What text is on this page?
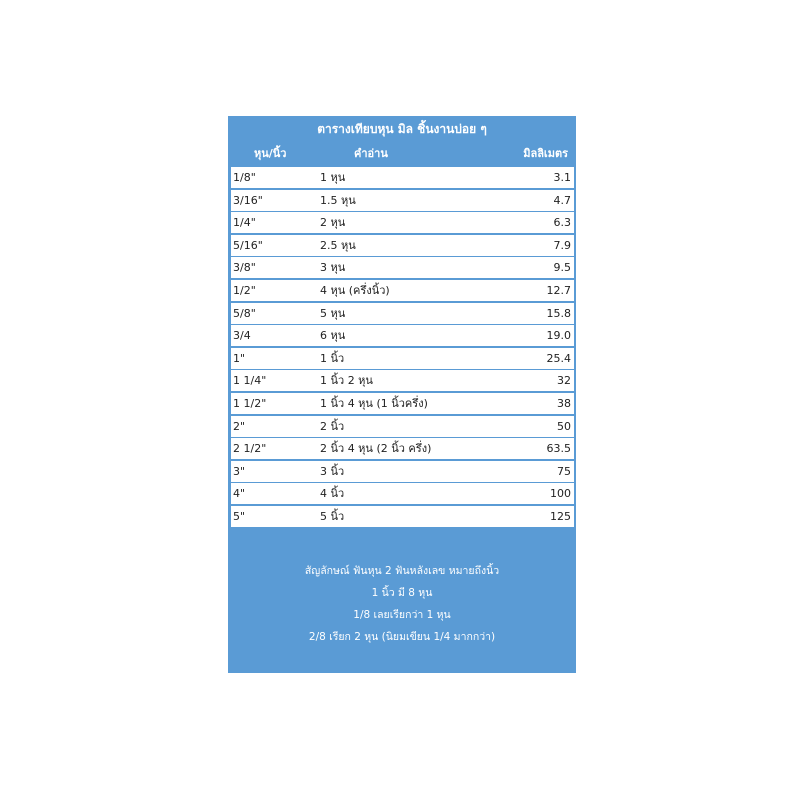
ตารางเทียบหุน มิล ชิ้นงานบ่อย ๆ
หุน/นิ้ว	คำอ่าน	มิลลิเมตร
1/8"	1 หุน	3.1
3/16"	1.5 หุน	4.7
1/4"	2 หุน	6.3
5/16"	2.5 หุน	7.9
3/8"	3 หุน	9.5
1/2"	4 หุน (ครึ่งนิ้ว)	12.7
5/8"	5 หุน	15.8
3/4	6 หุน	19.0
1"	1 นิ้ว	25.4
1 1/4"	1 นิ้ว 2 หุน	32
1 1/2"	1 นิ้ว 4 หุน (1 นิ้วครึ่ง)	38
2"	2 นิ้ว	50
2 1/2"	2 นิ้ว 4 หุน (2 นิ้ว ครึ่ง)	63.5
3"	3 นิ้ว	75
4"	4 นิ้ว	100
5"	5 นิ้ว	125
สัญลักษณ์ ฟันหุน 2 ฟันหลังเลข หมายถึงนิ้ว
1 นิ้ว มี 8 หุน
1/8 เลยเรียกว่า 1 หุน
2/8 เรียก 2 หุน (นิยมเขียน 1/4 มากกว่า)
